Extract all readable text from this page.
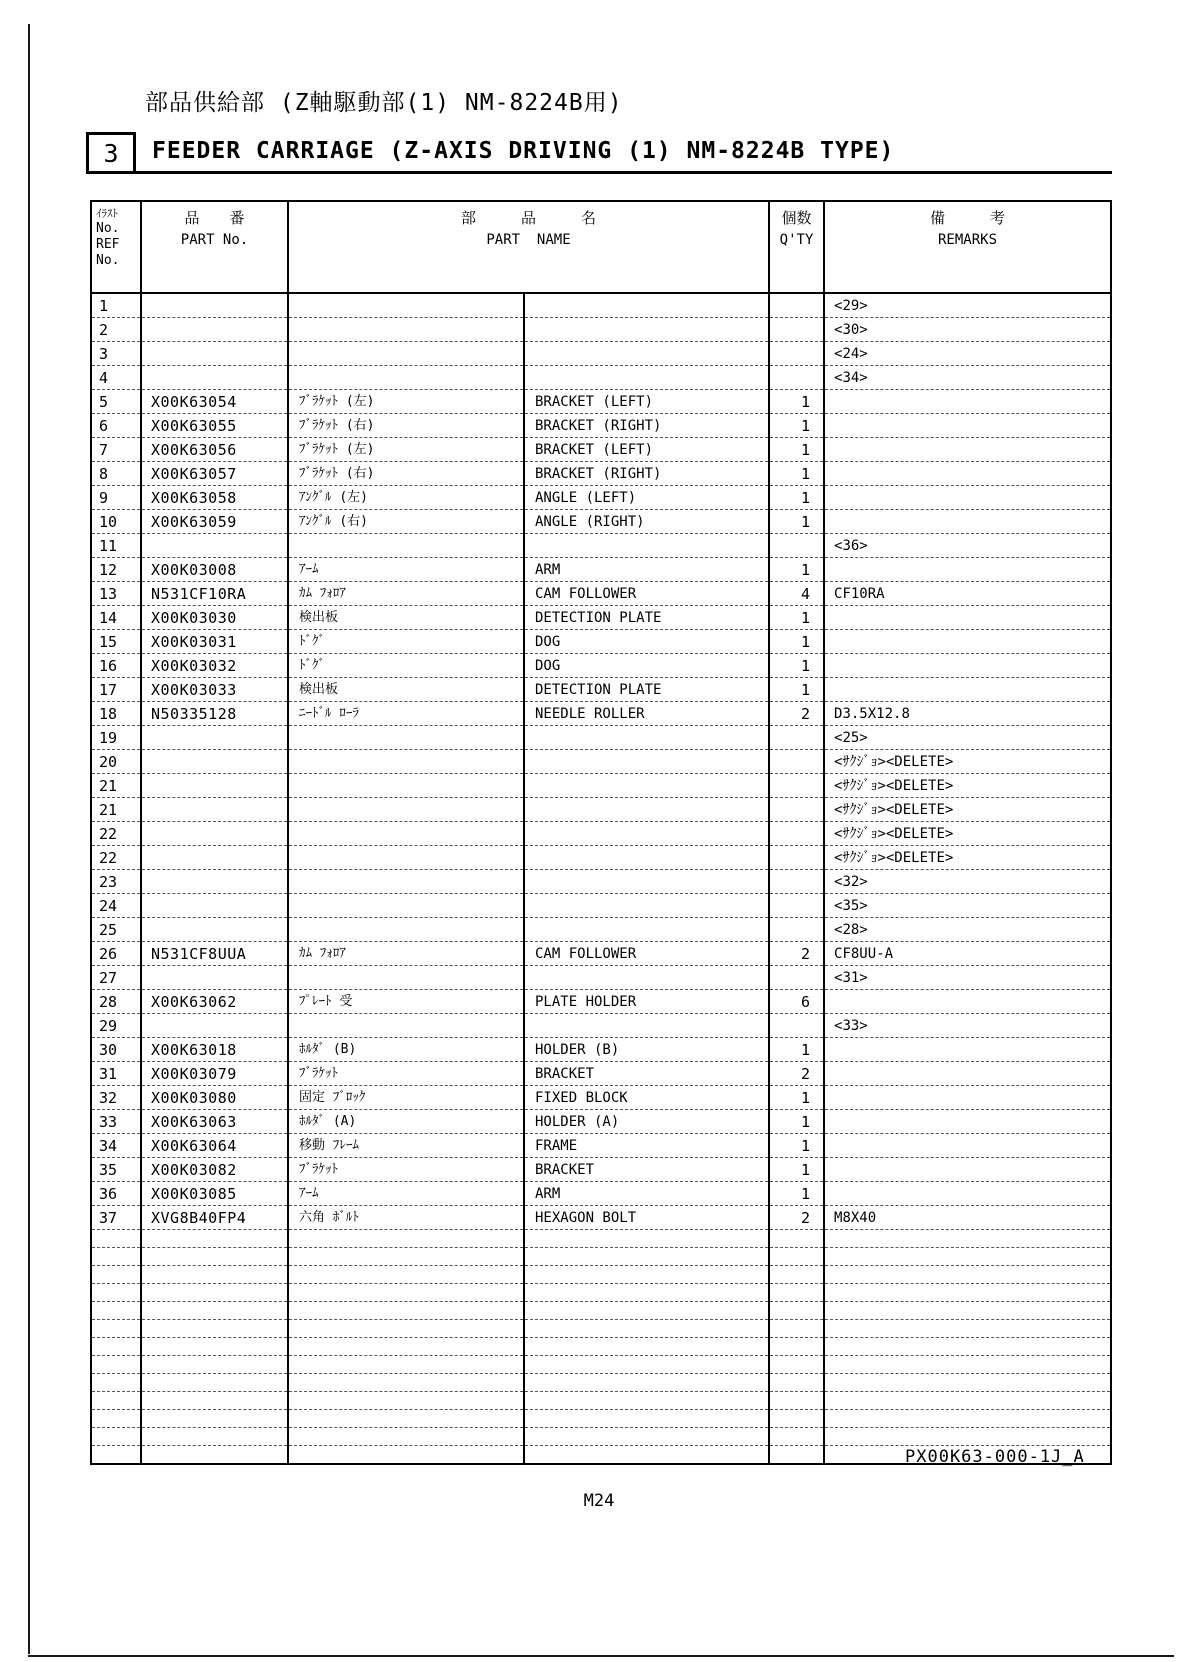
部品供給部 (Z軸駆動部(1) NM-8224B用)
3	FEEDER CARRIAGE (Z-AXIS DRIVING (1) NM-8224B TYPE)
ｲﾗｽﾄ
No.
REF
No.

品　　番
PART No.

部　　　品　　　名
PART  NAME

個数
Q'TY

備　　　考
REMARKS

1					<29>
2					<30>
3					<24>
4					<34>
5	X00K63054	ﾌﾞﾗｹｯﾄ (左)	BRACKET (LEFT)	1	
6	X00K63055	ﾌﾞﾗｹｯﾄ (右)	BRACKET (RIGHT)	1	
7	X00K63056	ﾌﾞﾗｹｯﾄ (左)	BRACKET (LEFT)	1	
8	X00K63057	ﾌﾞﾗｹｯﾄ (右)	BRACKET (RIGHT)	1	
9	X00K63058	ｱﾝｸﾞﾙ (左)	ANGLE (LEFT)	1	
10	X00K63059	ｱﾝｸﾞﾙ (右)	ANGLE (RIGHT)	1	
11					<36>
12	X00K03008	ｱｰﾑ	ARM	1	
13	N531CF10RA	ｶﾑ ﾌｫﾛｱ	CAM FOLLOWER	4	CF10RA
14	X00K03030	検出板	DETECTION PLATE	1	
15	X00K03031	ﾄﾞｸﾞ	DOG	1	
16	X00K03032	ﾄﾞｸﾞ	DOG	1	
17	X00K03033	検出板	DETECTION PLATE	1	
18	N50335128	ﾆｰﾄﾞﾙ ﾛｰﾗ	NEEDLE ROLLER	2	D3.5X12.8
19					<25>
20					<ｻｸｼﾞｮ><DELETE>
21					<ｻｸｼﾞｮ><DELETE>
21					<ｻｸｼﾞｮ><DELETE>
22					<ｻｸｼﾞｮ><DELETE>
22					<ｻｸｼﾞｮ><DELETE>
23					<32>
24					<35>
25					<28>
26	N531CF8UUA	ｶﾑ ﾌｫﾛｱ	CAM FOLLOWER	2	CF8UU-A
27					<31>
28	X00K63062	ﾌﾟﾚｰﾄ 受	PLATE HOLDER	6	
29					<33>
30	X00K63018	ﾎﾙﾀﾞ (B)	HOLDER (B)	1	
31	X00K03079	ﾌﾞﾗｹｯﾄ	BRACKET	2	
32	X00K03080	固定 ﾌﾞﾛｯｸ	FIXED BLOCK	1	
33	X00K63063	ﾎﾙﾀﾞ (A)	HOLDER (A)	1	
34	X00K63064	移動 ﾌﾚｰﾑ	FRAME	1	
35	X00K03082	ﾌﾞﾗｹｯﾄ	BRACKET	1	
36	X00K03085	ｱｰﾑ	ARM	1	
37	XVG8B40FP4	六角 ﾎﾞﾙﾄ	HEXAGON BOLT	2	M8X40

PX00K63-000-1J_A
M24
